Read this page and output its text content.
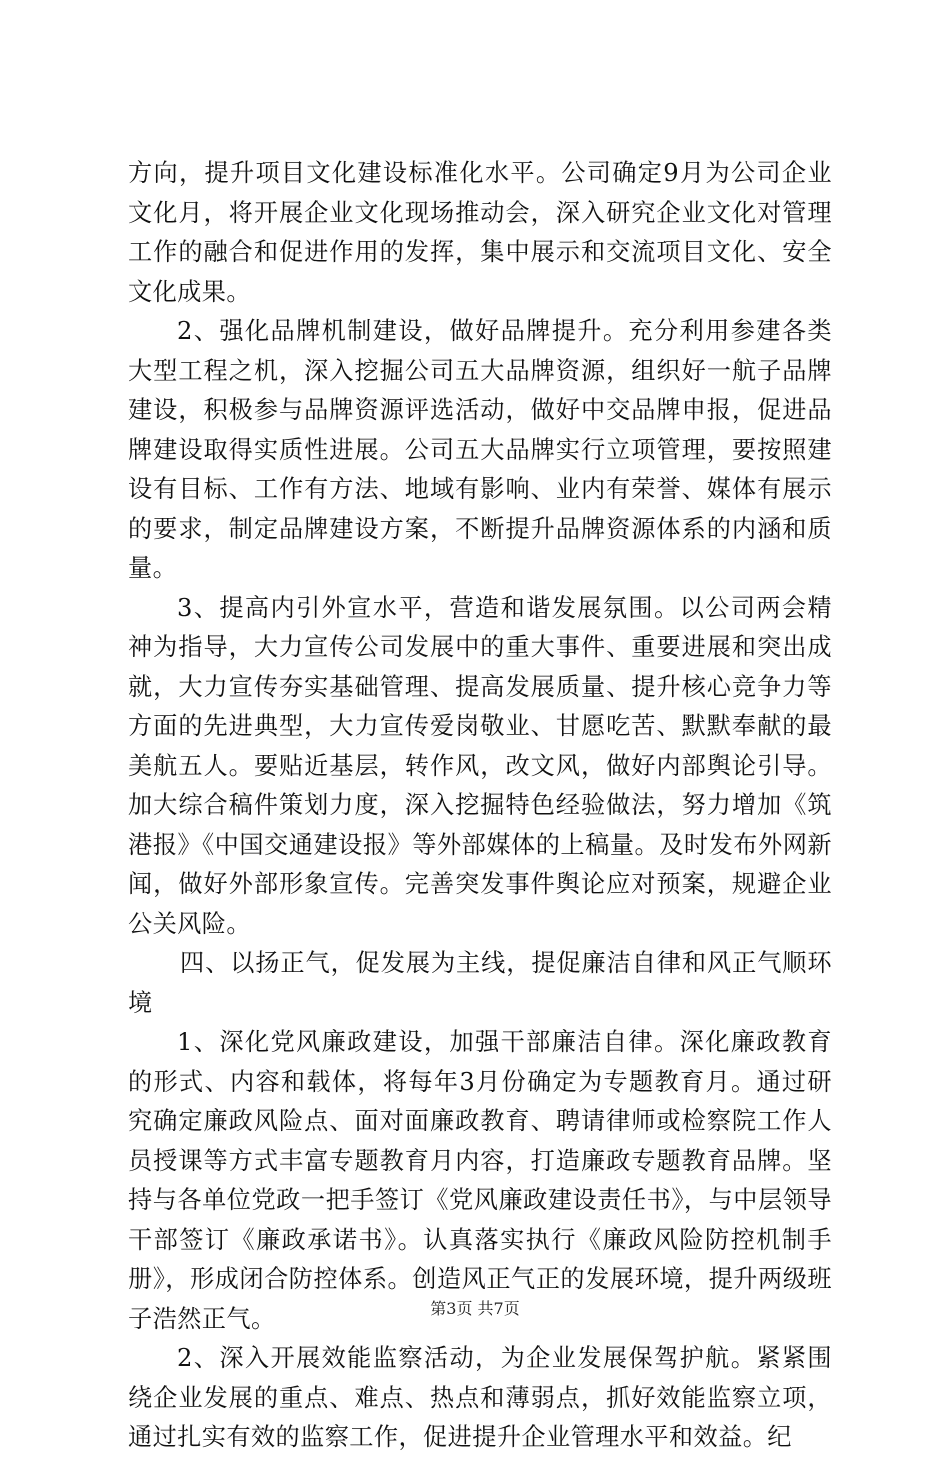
方向，提升项目文化建设标准化水平。公司确定9月为公司企业文化月，将开展企业文化现场推动会，深入研究企业文化对管理工作的融合和促进作用的发挥，集中展示和交流项目文化、安全文化成果。

2、强化品牌机制建设，做好品牌提升。充分利用参建各类大型工程之机，深入挖掘公司五大品牌资源，组织好一航子品牌建设，积极参与品牌资源评选活动，做好中交品牌申报，促进品牌建设取得实质性进展。公司五大品牌实行立项管理，要按照建设有目标、工作有方法、地域有影响、业内有荣誉、媒体有展示的要求，制定品牌建设方案，不断提升品牌资源体系的内涵和质量。

3、提高内引外宣水平，营造和谐发展氛围。以公司两会精神为指导，大力宣传公司发展中的重大事件、重要进展和突出成就，大力宣传夯实基础管理、提高发展质量、提升核心竞争力等方面的先进典型，大力宣传爱岗敬业、甘愿吃苦、默默奉献的最美航五人。要贴近基层，转作风，改文风，做好内部舆论引导。加大综合稿件策划力度，深入挖掘特色经验做法，努力增加《筑港报》《中国交通建设报》等外部媒体的上稿量。及时发布外网新闻，做好外部形象宣传。完善突发事件舆论应对预案，规避企业公关风险。

四、以扬正气，促发展为主线，提促廉洁自律和风正气顺环境

1、深化党风廉政建设，加强干部廉洁自律。深化廉政教育的形式、内容和载体，将每年3月份确定为专题教育月。通过研究确定廉政风险点、面对面廉政教育、聘请律师或检察院工作人员授课等方式丰富专题教育月内容，打造廉政专题教育品牌。坚持与各单位党政一把手签订《党风廉政建设责任书》，与中层领导干部签订《廉政承诺书》。认真落实执行《廉政风险防控机制手册》，形成闭合防控体系。创造风正气正的发展环境，提升两级班子浩然正气。

2、深入开展效能监察活动，为企业发展保驾护航。紧紧围绕企业发展的重点、难点、热点和薄弱点，抓好效能监察立项，通过扎实有效的监察工作，促进提升企业管理水平和效益。纪

第3页 共7页
